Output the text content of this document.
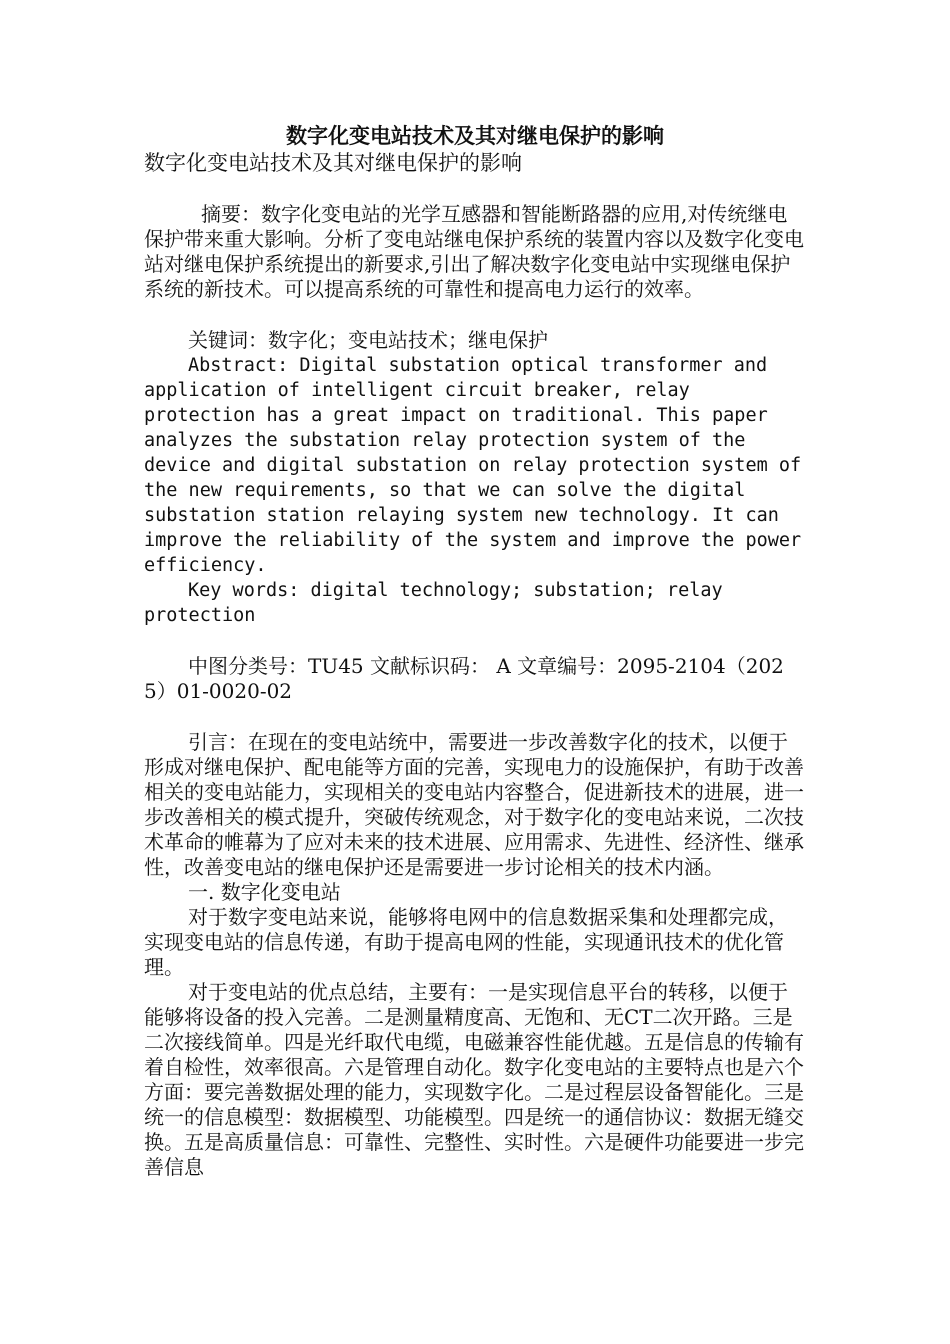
数字化变电站技术及其对继电保护的影响

数字化变电站技术及其对继电保护的影响

摘要：数字化变电站的光学互感器和智能断路器的应用,对传统继电保护带来重大影响。分析了变电站继电保护系统的装置内容以及数字化变电站对继电保护系统提出的新要求,引出了解决数字化变电站中实现继电保护系统的新技术。可以提高系统的可靠性和提高电力运行的效率。

关键词：数字化；变电站技术；继电保护

Abstract: Digital substation optical transformer and application of intelligent circuit breaker, relay protection has a great impact on traditional. This paper analyzes the substation relay protection system of the device and digital substation on relay protection system of the new requirements, so that we can solve the digital substation station relaying system new technology. It can improve the reliability of the system and improve the power efficiency.

Key words: digital technology; substation; relay protection

中图分类号：TU45 文献标识码： A 文章编号：2095-2104（2025）01-0020-02

引言：在现在的变电站统中，需要进一步改善数字化的技术，以便于形成对继电保护、配电能等方面的完善，实现电力的设施保护，有助于改善相关的变电站能力，实现相关的变电站内容整合，促进新技术的进展，进一步改善相关的模式提升，突破传统观念，对于数字化的变电站来说，二次技术革命的帷幕为了应对未来的技术进展、应用需求、先进性、经济性、继承性，改善变电站的继电保护还是需要进一步讨论相关的技术内涵。

一. 数字化变电站

对于数字变电站来说，能够将电网中的信息数据采集和处理都完成，实现变电站的信息传递，有助于提高电网的性能，实现通讯技术的优化管理。

对于变电站的优点总结，主要有：一是实现信息平台的转移，以便于能够将设备的投入完善。二是测量精度高、无饱和、无CT二次开路。三是二次接线简单。四是光纤取代电缆，电磁兼容性能优越。五是信息的传输有着自检性，效率很高。六是管理自动化。数字化变电站的主要特点也是六个方面：要完善数据处理的能力，实现数字化。二是过程层设备智能化。三是统一的信息模型：数据模型、功能模型。四是统一的通信协议：数据无缝交换。五是高质量信息：可靠性、完整性、实时性。六是硬件功能要进一步完善信息
